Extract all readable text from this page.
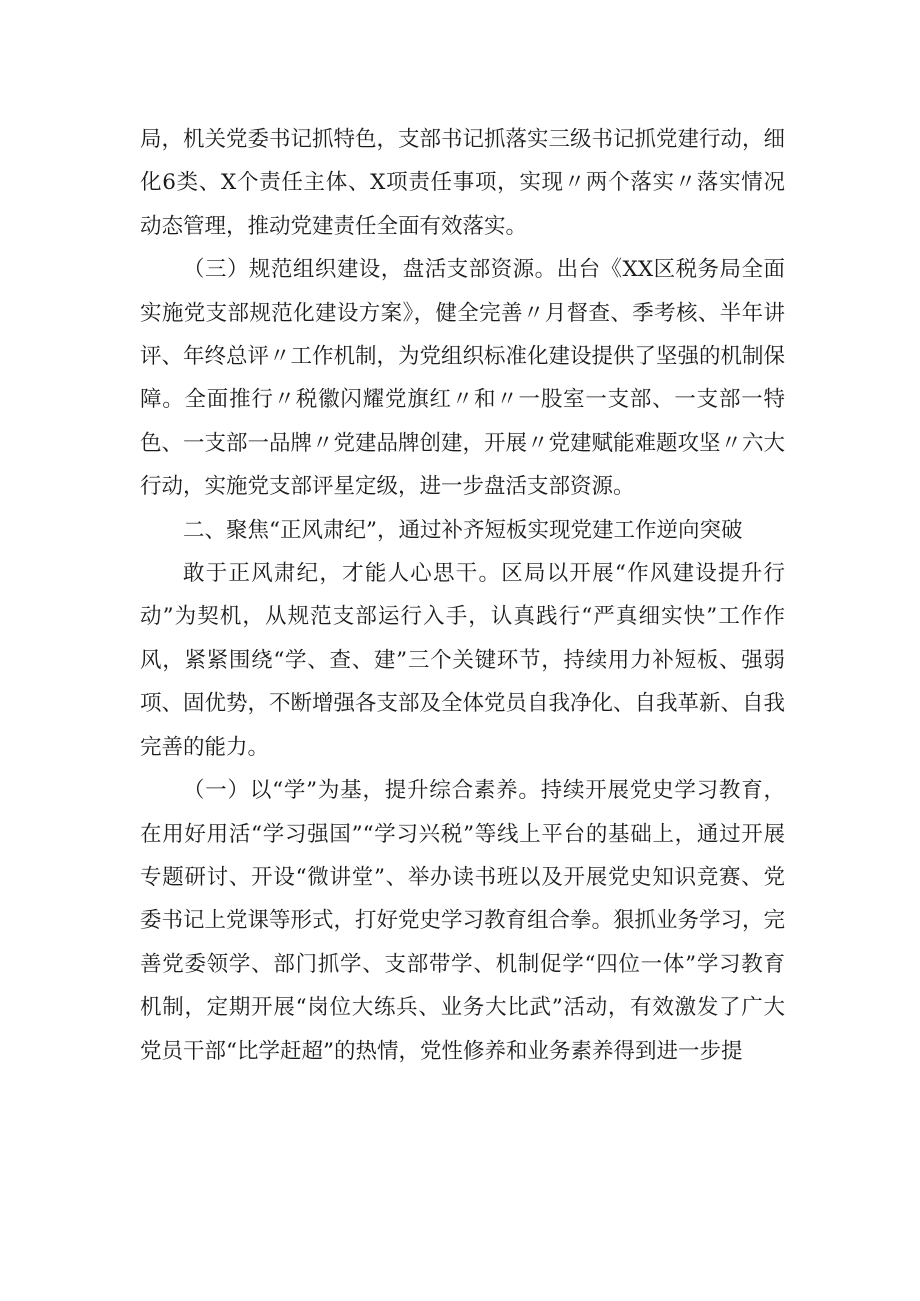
局，机关党委书记抓特色，支部书记抓落实三级书记抓党建行动，细化6类、X个责任主体、X项责任事项，实现〃两个落实〃落实情况动态管理，推动党建责任全面有效落实。

（三）规范组织建设，盘活支部资源。出台《XX区税务局全面实施党支部规范化建设方案》，健全完善〃月督查、季考核、半年讲评、年终总评〃工作机制，为党组织标准化建设提供了坚强的机制保障。全面推行〃税徽闪耀党旗红〃和〃一股室一支部、一支部一特色、一支部一品牌〃党建品牌创建，开展〃党建赋能难题攻坚〃六大行动，实施党支部评星定级，进一步盘活支部资源。

二、聚焦“正风肃纪”，通过补齐短板实现党建工作逆向突破

敢于正风肃纪，才能人心思干。区局以开展“作风建设提升行动”为契机，从规范支部运行入手，认真践行“严真细实快”工作作风，紧紧围绕“学、查、建”三个关键环节，持续用力补短板、强弱项、固优势，不断增强各支部及全体党员自我净化、自我革新、自我完善的能力。

（一）以“学”为基，提升综合素养。持续开展党史学习教育，在用好用活“学习强国”“学习兴税”等线上平台的基础上，通过开展专题研讨、开设“微讲堂”、举办读书班以及开展党史知识竞赛、党委书记上党课等形式，打好党史学习教育组合拳。狠抓业务学习，完善党委领学、部门抓学、支部带学、机制促学“四位一体”学习教育机制，定期开展“岗位大练兵、业务大比武”活动，有效激发了广大党员干部“比学赶超”的热情，党性修养和业务素养得到进一步提
